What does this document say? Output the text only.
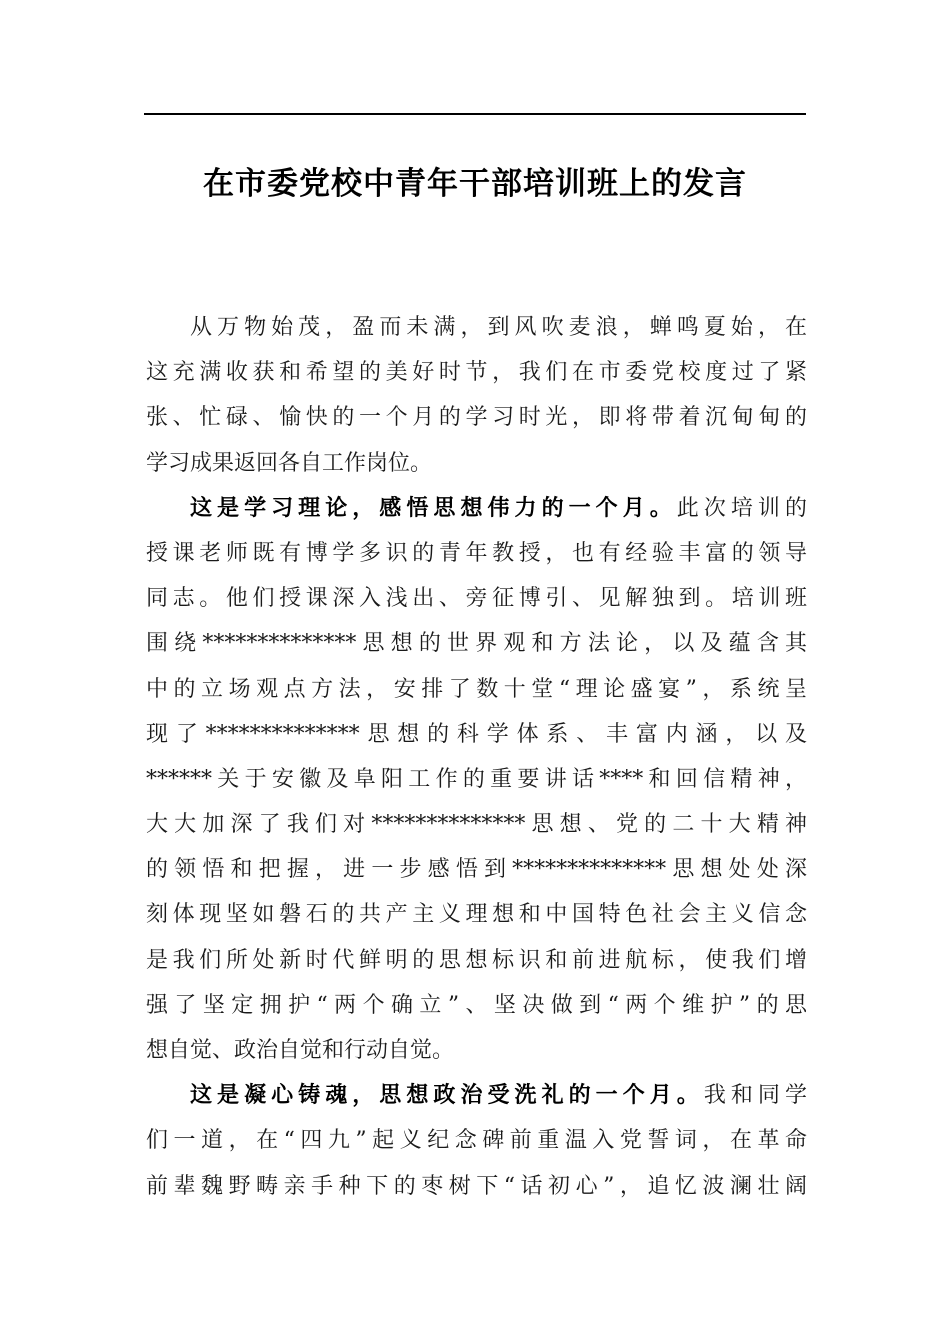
在市委党校中青年干部培训班上的发言
从万物始茂，盈而未满，到风吹麦浪，蝉鸣夏始，在
这充满收获和希望的美好时节，我们在市委党校度过了紧
张、忙碌、愉快的一个月的学习时光，即将带着沉甸甸的
学习成果返回各自工作岗位。
这是学习理论，感悟思想伟力的一个月。此次培训的
授课老师既有博学多识的青年教授，也有经验丰富的领导
同志。他们授课深入浅出、旁征博引、见解独到。培训班
围绕**************思想的世界观和方法论，以及蕴含其
中的立场观点方法，安排了数十堂“理论盛宴”，系统呈
现了**************思想的科学体系、丰富内涵，以及
******关于安徽及阜阳工作的重要讲话****和回信精神，
大大加深了我们对**************思想、党的二十大精神
的领悟和把握，进一步感悟到**************思想处处深
刻体现坚如磐石的共产主义理想和中国特色社会主义信念
是我们所处新时代鲜明的思想标识和前进航标，使我们增
强了坚定拥护“两个确立”、坚决做到“两个维护”的思
想自觉、政治自觉和行动自觉。
这是凝心铸魂，思想政治受洗礼的一个月。我和同学
们一道，在“四九”起义纪念碑前重温入党誓词，在革命
前辈魏野畴亲手种下的枣树下“话初心”，追忆波澜壮阔
